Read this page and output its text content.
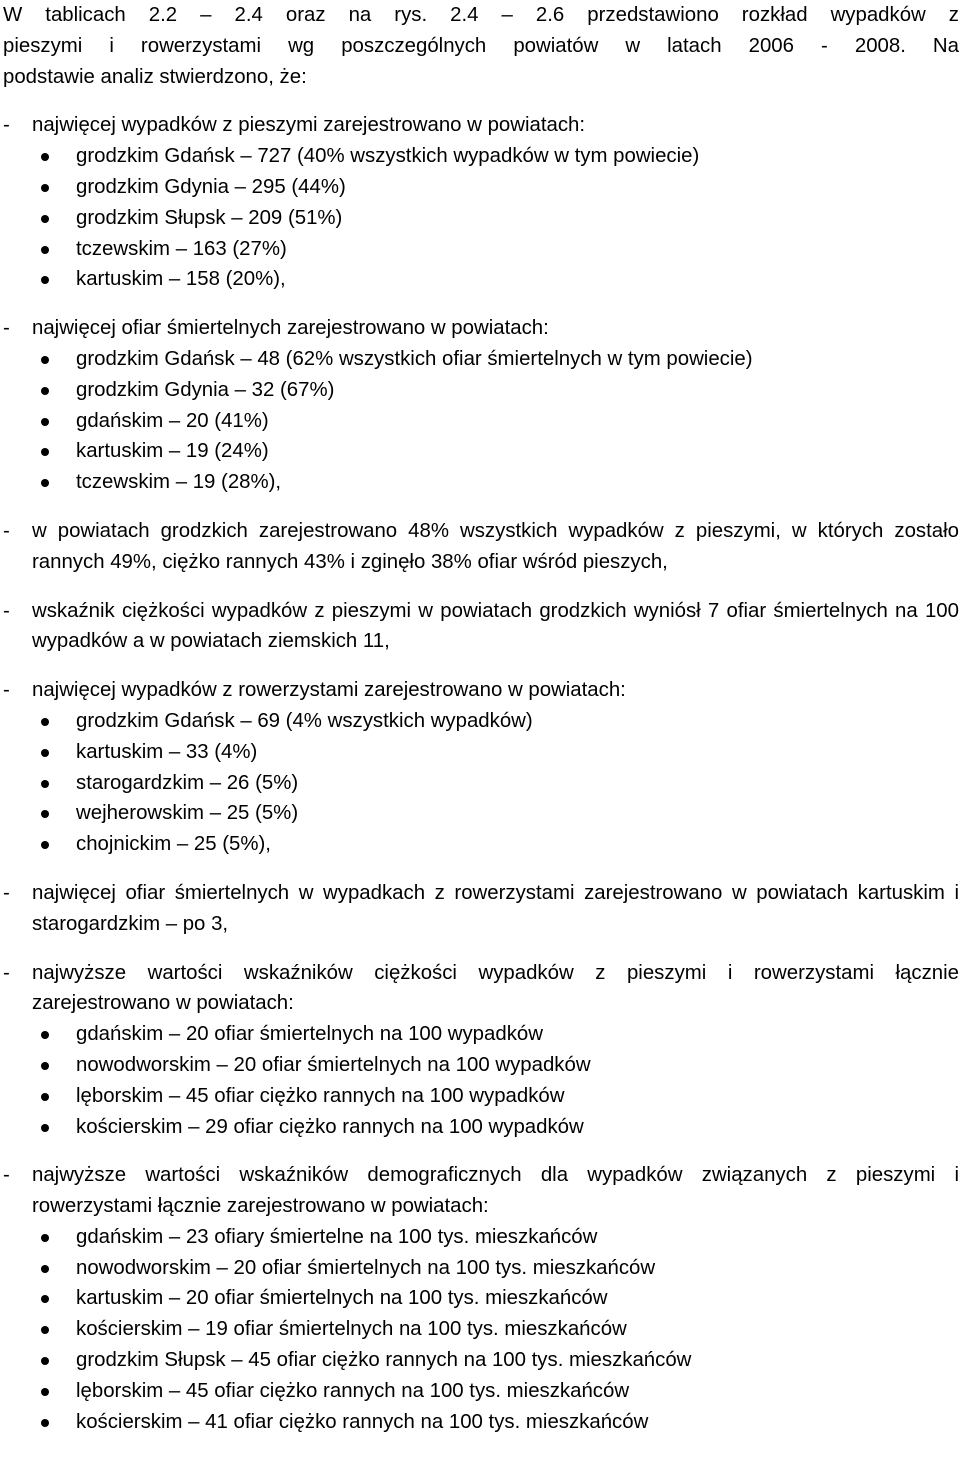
W tablicach 2.2 – 2.4 oraz na rys. 2.4 – 2.6 przedstawiono rozkład wypadków z
pieszymi i rowerzystami wg poszczególnych powiatów w latach 2006 - 2008. Na
podstawie analiz stwierdzono, że:
- najwięcej wypadków z pieszymi zarejestrowano w powiatach:
grodzkim Gdańsk – 727 (40% wszystkich wypadków w tym powiecie)
grodzkim Gdynia – 295 (44%)
grodzkim Słupsk – 209 (51%)
tczewskim – 163 (27%)
kartuskim – 158 (20%),
- najwięcej ofiar śmiertelnych zarejestrowano w powiatach:
grodzkim Gdańsk – 48 (62% wszystkich ofiar śmiertelnych w tym powiecie)
grodzkim Gdynia – 32 (67%)
gdańskim – 20 (41%)
kartuskim – 19 (24%)
tczewskim – 19 (28%),
- w powiatach grodzkich zarejestrowano 48% wszystkich wypadków z pieszymi, w których zostało rannych 49%, ciężko rannych 43% i zginęło 38% ofiar wśród pieszych,
- wskaźnik ciężkości wypadków z pieszymi w powiatach grodzkich wyniósł 7 ofiar śmiertelnych na 100 wypadków a w powiatach ziemskich 11,
- najwięcej wypadków z rowerzystami zarejestrowano w powiatach:
grodzkim Gdańsk – 69 (4% wszystkich wypadków)
kartuskim – 33 (4%)
starogardzkim – 26 (5%)
wejherowskim – 25 (5%)
chojnickim – 25 (5%),
- najwięcej ofiar śmiertelnych w wypadkach z rowerzystami zarejestrowano w powiatach kartuskim i starogardzkim – po 3,
- najwyższe wartości wskaźników ciężkości wypadków z pieszymi i rowerzystami łącznie zarejestrowano w powiatach:
gdańskim – 20 ofiar śmiertelnych na 100 wypadków
nowodworskim – 20 ofiar śmiertelnych na 100 wypadków
lęborskim – 45 ofiar ciężko rannych na 100 wypadków
kościerskim – 29 ofiar ciężko rannych na 100 wypadków
- najwyższe wartości wskaźników demograficznych dla wypadków związanych z pieszymi i rowerzystami łącznie zarejestrowano w powiatach:
gdańskim – 23 ofiary śmiertelne na 100 tys. mieszkańców
nowodworskim – 20 ofiar śmiertelnych na 100 tys. mieszkańców
kartuskim – 20 ofiar śmiertelnych na 100 tys. mieszkańców
kościerskim – 19 ofiar śmiertelnych na 100 tys. mieszkańców
grodzkim Słupsk – 45 ofiar ciężko rannych na 100 tys. mieszkańców
lęborskim – 45 ofiar ciężko rannych na 100 tys. mieszkańców
kościerskim – 41 ofiar ciężko rannych na 100 tys. mieszkańców
